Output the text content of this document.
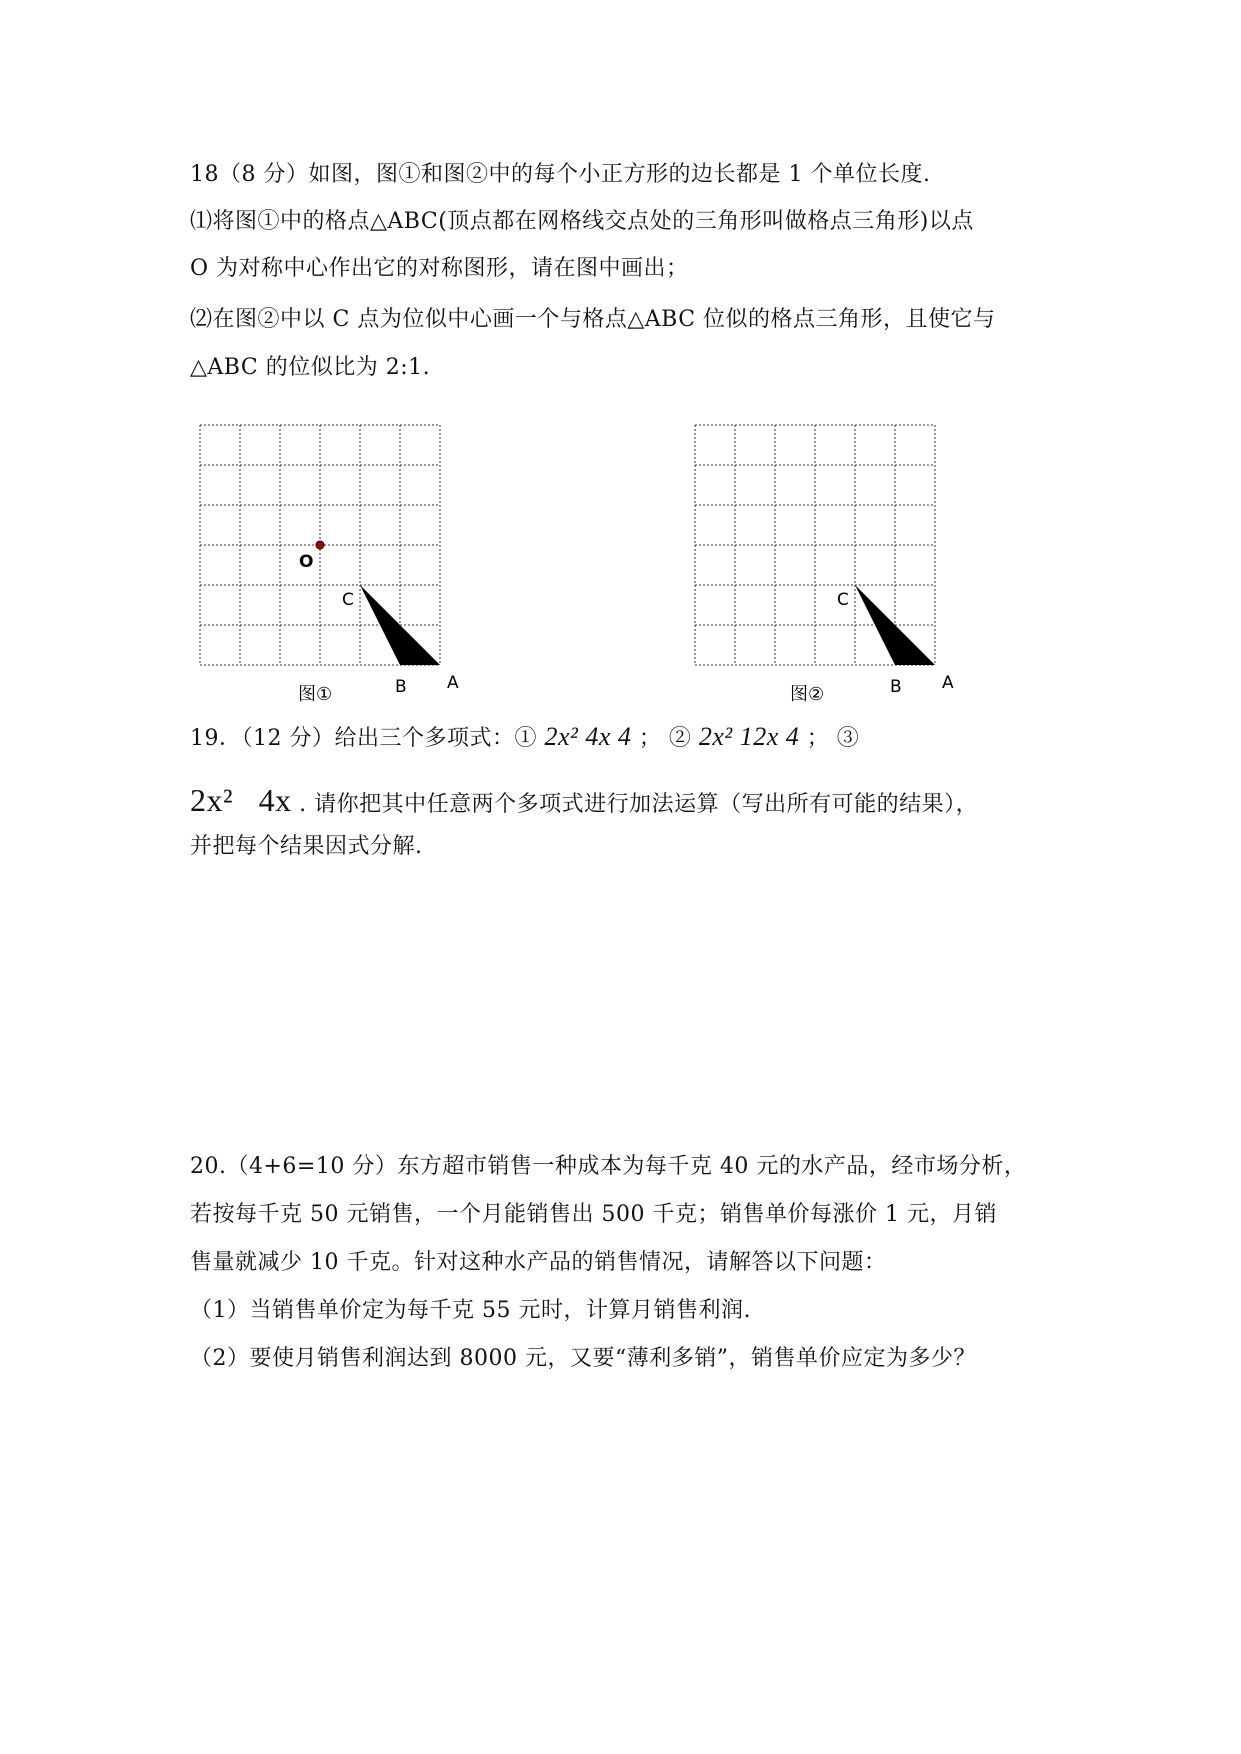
18（8 分）如图，图①和图②中的每个小正方形的边长都是 1 个单位长度.
⑴将图①中的格点△ABC(顶点都在网格线交点处的三角形叫做格点三角形)以点
O 为对称中心作出它的对称图形，请在图中画出；
⑵在图②中以 C 点为位似中心画一个与格点△ABC 位似的格点三角形，且使它与
△ABC 的位似比为 2:1.
O
C
B A
图①
C
B A
图②
19．（12 分）给出三个多项式：① 2x² 4x 4 ； ② 2x² 12x 4 ； ③
2x² 4x . 请你把其中任意两个多项式进行加法运算（写出所有可能的结果），
并把每个结果因式分解.
20.（4+6=10 分）东方超市销售一种成本为每千克 40 元的水产品，经市场分析，
若按每千克 50 元销售，一个月能销售出 500 千克；销售单价每涨价 1 元，月销
售量就减少 10 千克。针对这种水产品的销售情况，请解答以下问题：
（1）当销售单价定为每千克 55 元时，计算月销售利润.
（2）要使月销售利润达到 8000 元，又要“薄利多销”，销售单价应定为多少？
